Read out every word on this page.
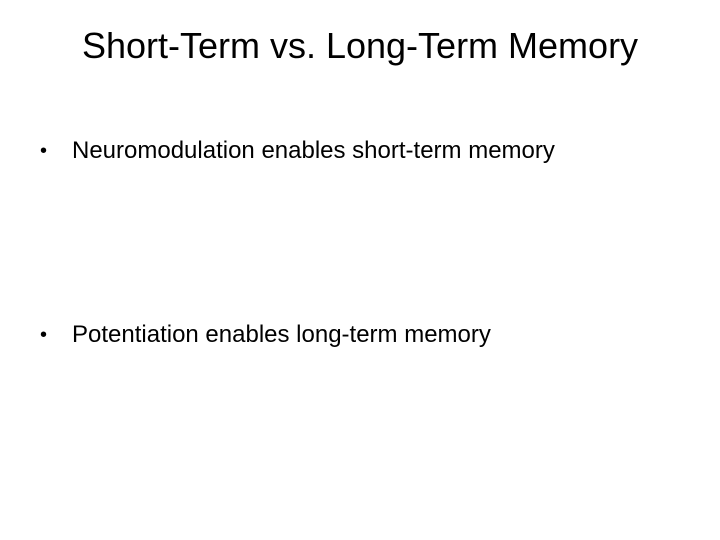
Short-Term vs. Long-Term Memory
• Neuromodulation enables short-term memory
• Potentiation enables long-term memory
